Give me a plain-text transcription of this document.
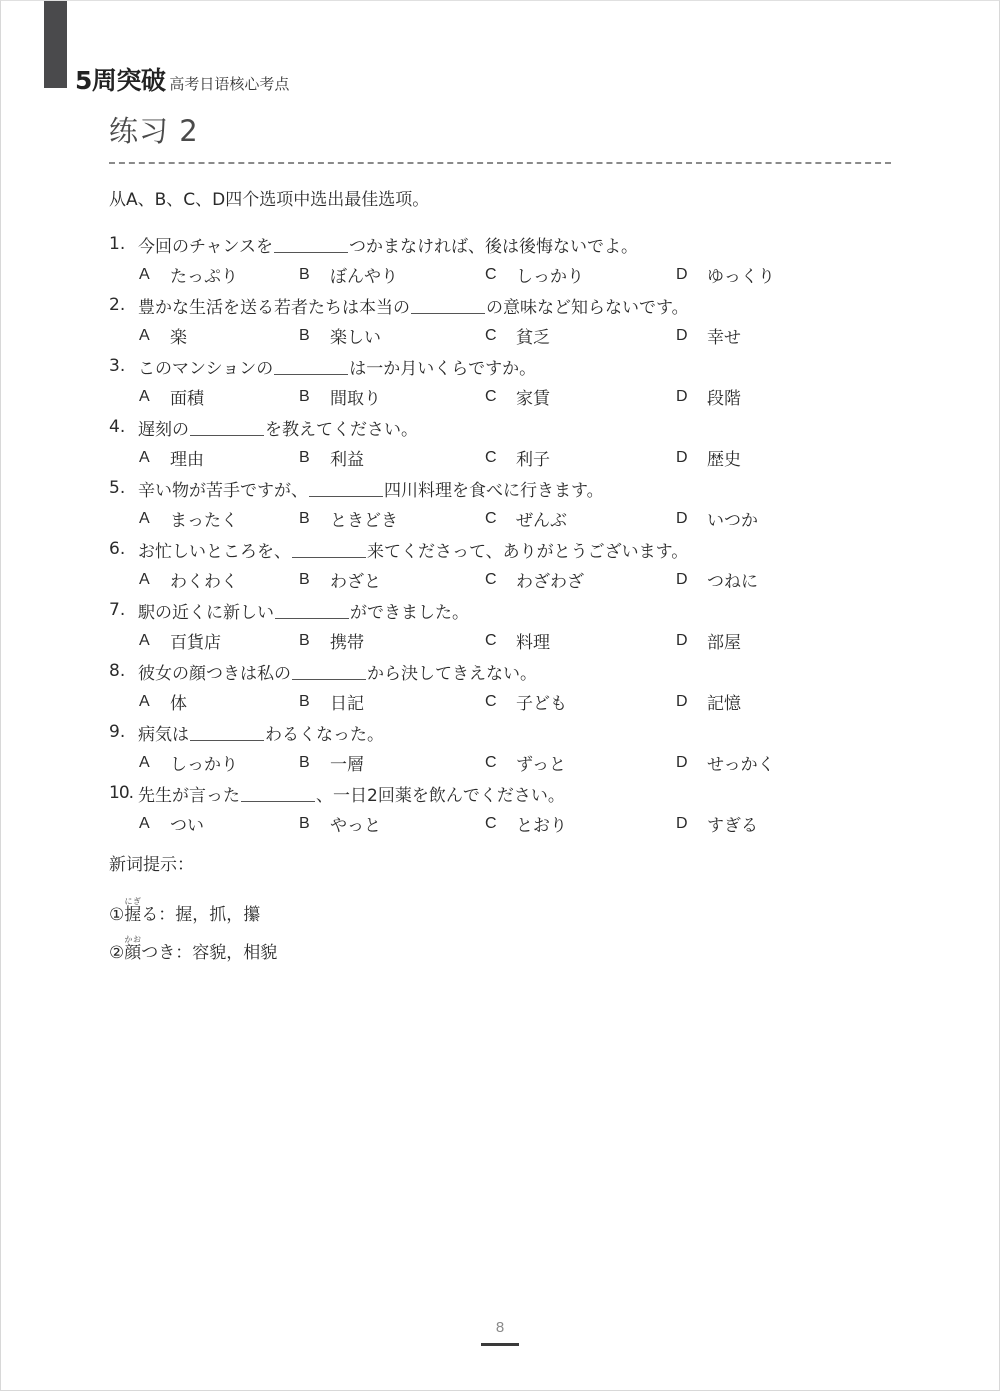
5周突破 高考日语核心考点
练习 2
从A、B、C、D四个选项中选出最佳选项。
1. 今回のチャンスを	つかまなければ、後は後悔ないでよ。
A	たっぷり	B	ぼんやり	C	しっかり	D	ゆっくり
2. 豊かな生活を送る若者たちは本当の	の意味など知らないです。
A	楽	B	楽しい	C	貧乏	D	幸せ
3. このマンションの	は一か月いくらですか。
A	面積	B	間取り	C	家賃	D	段階
4. 遅刻の	を教えてください。
A	理由	B	利益	C	利子	D	歴史
5. 辛い物が苦手ですが、	四川料理を食べに行きます。
A	まったく	B	ときどき	C	ぜんぶ	D	いつか
6. お忙しいところを、	来てくださって、ありがとうございます。
A	わくわく	B	わざと	C	わざわざ	D	つねに
7. 駅の近くに新しい	ができました。
A	百貨店	B	携帯	C	料理	D	部屋
8. 彼女の顔つきは私の	から決してきえない。
A	体	B	日記	C	子ども	D	記憶
9. 病気は	わるくなった。
A	しっかり	B	一層	C	ずっと	D	せっかく
10. 先生が言った	、一日2回薬を飲んでください。
A	つい	B	やっと	C	とおり	D	すぎる
新词提示：
①握にぎる：握，抓，攥
②顔かおつき：容貌，相貌
8
